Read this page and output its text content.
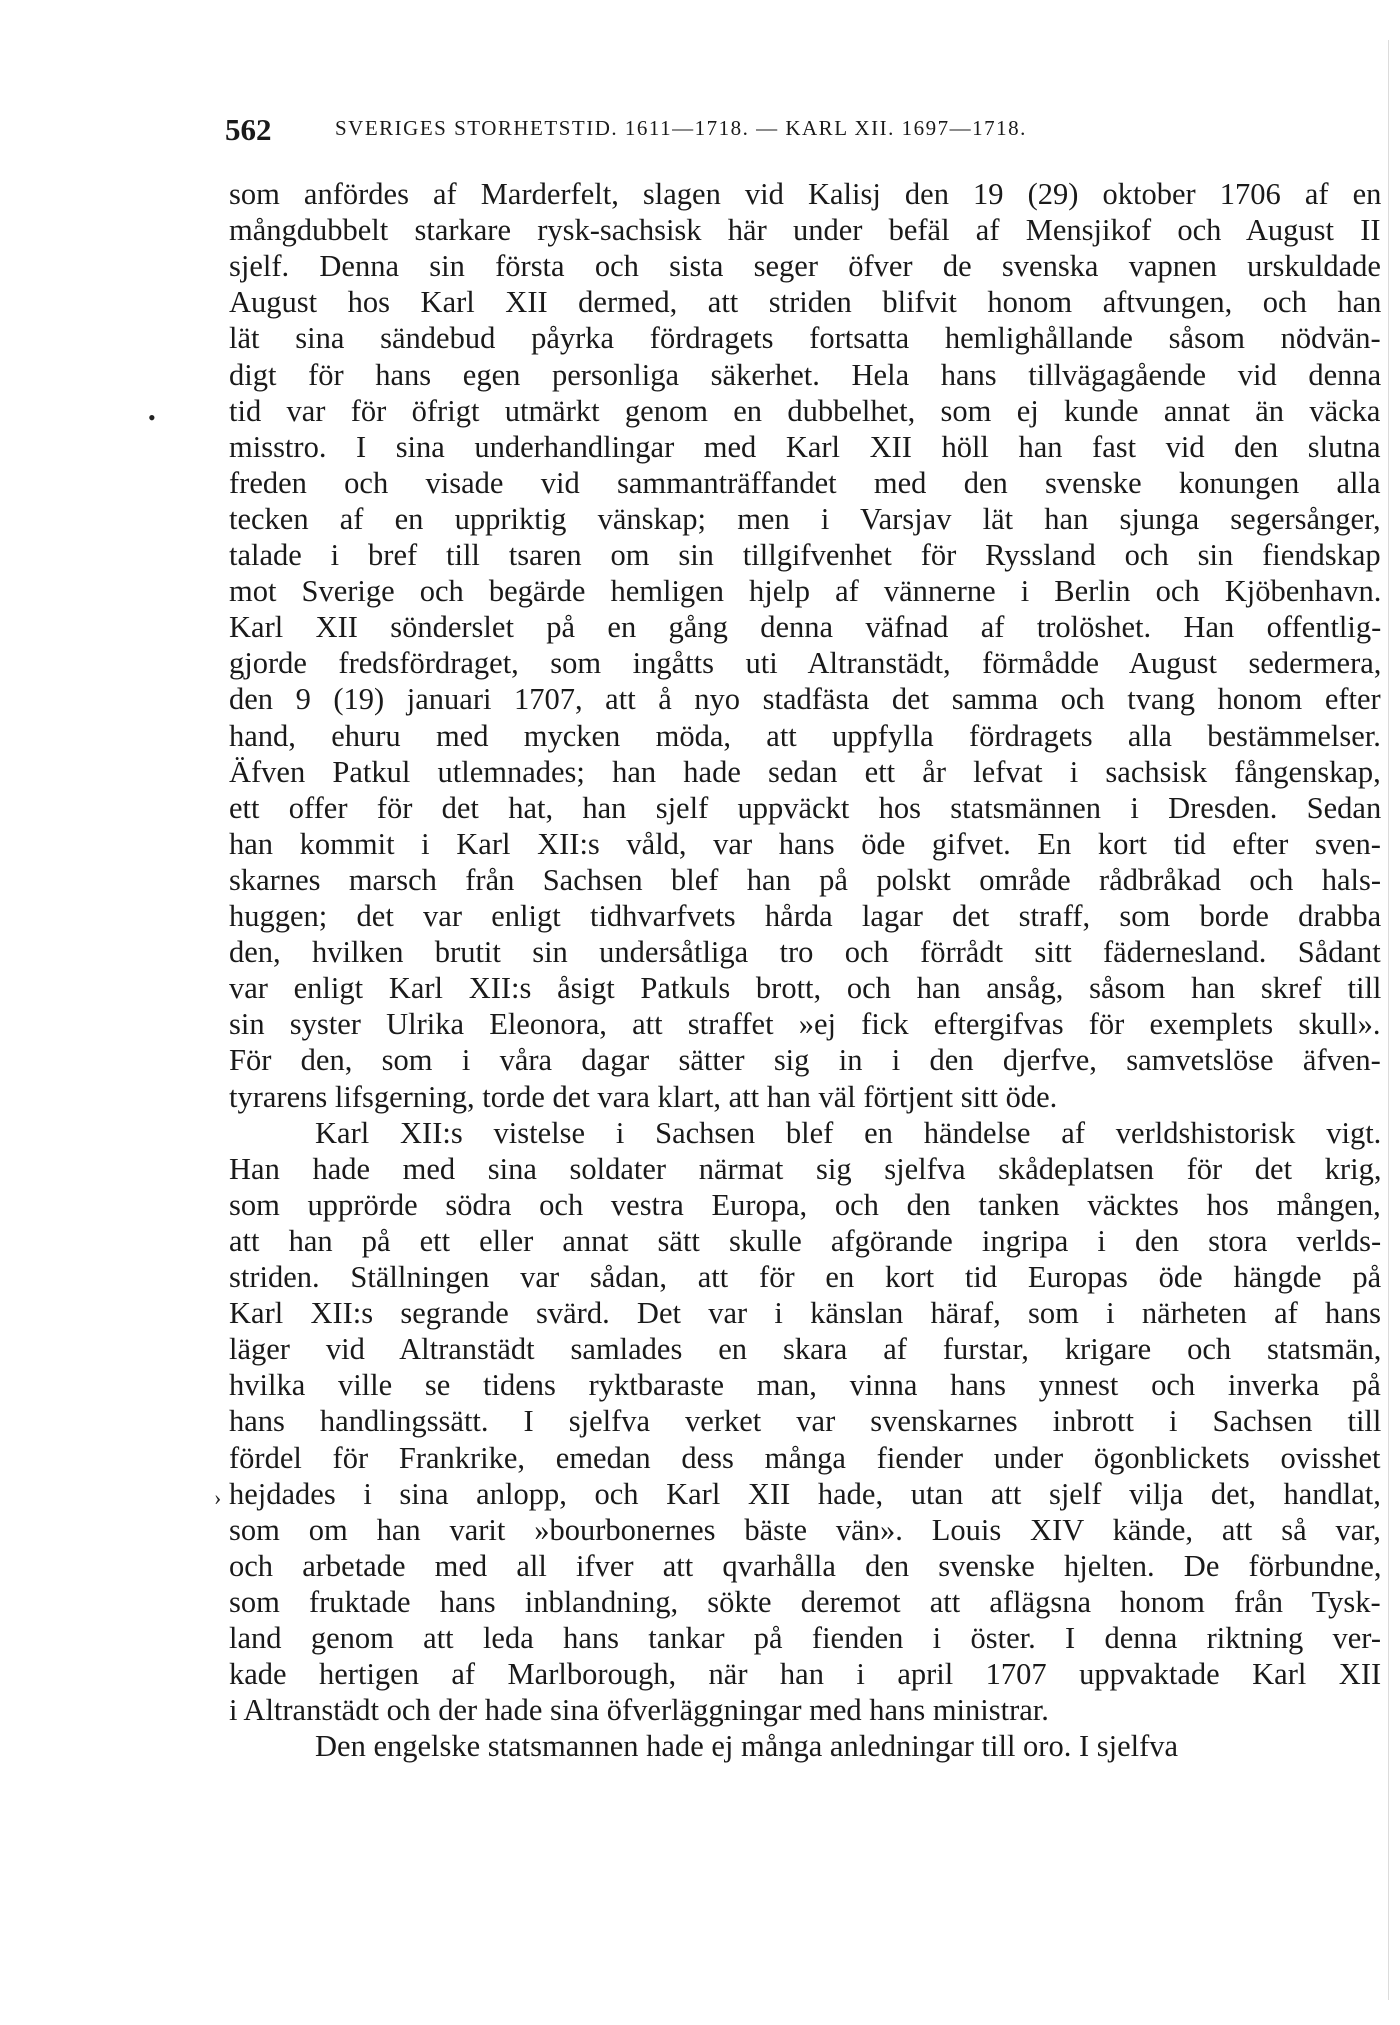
562	SVERIGES STORHETSTID. 1611—1718. — KARL XII. 1697—1718.
som anfördes af Marderfelt, slagen vid Kalisj den 19 (29) oktober 1706 af en
mångdubbelt starkare rysk-sachsisk här under befäl af Mensjikof och August II
sjelf. Denna sin första och sista seger öfver de svenska vapnen urskuldade
August hos Karl XII dermed, att striden blifvit honom aftvungen, och han
lät sina sändebud påyrka fördragets fortsatta hemlighållande såsom nödvän-
digt för hans egen personliga säkerhet. Hela hans tillvägagående vid denna
tid var för öfrigt utmärkt genom en dubbelhet, som ej kunde annat än väcka
misstro. I sina underhandlingar med Karl XII höll han fast vid den slutna
freden och visade vid sammanträffandet med den svenske konungen alla
tecken af en uppriktig vänskap; men i Varsjav lät han sjunga segersånger,
talade i bref till tsaren om sin tillgifvenhet för Ryssland och sin fiendskap
mot Sverige och begärde hemligen hjelp af vännerne i Berlin och Kjöbenhavn.
Karl XII sönderslet på en gång denna väfnad af trolöshet. Han offentlig-
gjorde fredsfördraget, som ingåtts uti Altranstädt, förmådde August sedermera,
den 9 (19) januari 1707, att å nyo stadfästa det samma och tvang honom efter
hand, ehuru med mycken möda, att uppfylla fördragets alla bestämmelser.
Äfven Patkul utlemnades; han hade sedan ett år lefvat i sachsisk fångenskap,
ett offer för det hat, han sjelf uppväckt hos statsmännen i Dresden. Sedan
han kommit i Karl XII:s våld, var hans öde gifvet. En kort tid efter sven-
skarnes marsch från Sachsen blef han på polskt område rådbråkad och hals-
huggen; det var enligt tidhvarfvets hårda lagar det straff, som borde drabba
den, hvilken brutit sin undersåtliga tro och förrådt sitt fädernesland. Sådant
var enligt Karl XII:s åsigt Patkuls brott, och han ansåg, såsom han skref till
sin syster Ulrika Eleonora, att straffet »ej fick eftergifvas för exemplets skull».
För den, som i våra dagar sätter sig in i den djerfve, samvetslöse äfven-
tyrarens lifsgerning, torde det vara klart, att han väl förtjent sitt öde.
Karl XII:s vistelse i Sachsen blef en händelse af verldshistorisk vigt.
Han hade med sina soldater närmat sig sjelfva skådeplatsen för det krig,
som upprörde södra och vestra Europa, och den tanken väcktes hos mången,
att han på ett eller annat sätt skulle afgörande ingripa i den stora verlds-
striden. Ställningen var sådan, att för en kort tid Europas öde hängde på
Karl XII:s segrande svärd. Det var i känslan häraf, som i närheten af hans
läger vid Altranstädt samlades en skara af furstar, krigare och statsmän,
hvilka ville se tidens ryktbaraste man, vinna hans ynnest och inverka på
hans handlingssätt. I sjelfva verket var svenskarnes inbrott i Sachsen till
fördel för Frankrike, emedan dess många fiender under ögonblickets ovisshet
hejdades i sina anlopp, och Karl XII hade, utan att sjelf vilja det, handlat,
som om han varit »bourbonernes bäste vän». Louis XIV kände, att så var,
och arbetade med all ifver att qvarhålla den svenske hjelten. De förbundne,
som fruktade hans inblandning, sökte deremot att aflägsna honom från Tysk-
land genom att leda hans tankar på fienden i öster. I denna riktning ver-
kade hertigen af Marlborough, när han i april 1707 uppvaktade Karl XII
i Altranstädt och der hade sina öfverläggningar med hans ministrar.
Den engelske statsmannen hade ej många anledningar till oro. I sjelfva
•
›
